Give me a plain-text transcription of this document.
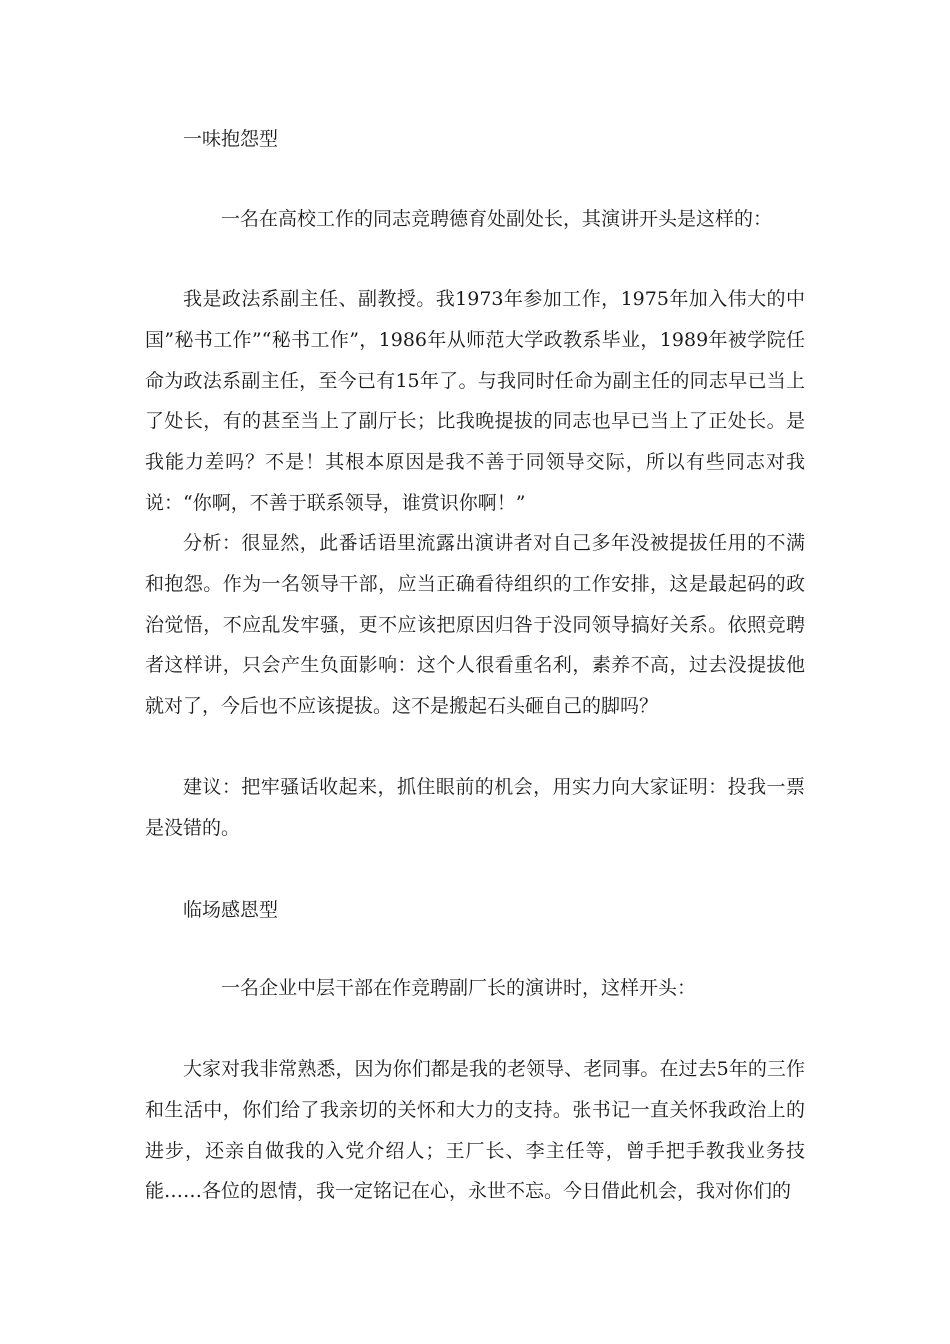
一味抱怨型

一名在高校工作的同志竞聘德育处副处长，其演讲开头是这样的：

我是政法系副主任、副教授。我1973年参加工作，1975年加入伟大的中国”秘书工作”“秘书工作”，1986年从师范大学政教系毕业，1989年被学院任命为政法系副主任，至今已有15年了。与我同时任命为副主任的同志早已当上了处长，有的甚至当上了副厅长；比我晚提拔的同志也早已当上了正处长。是我能力差吗？不是！其根本原因是我不善于同领导交际，所以有些同志对我说：“你啊，不善于联系领导，谁赏识你啊！”

分析：很显然，此番话语里流露出演讲者对自己多年没被提拔任用的不满和抱怨。作为一名领导干部，应当正确看待组织的工作安排，这是最起码的政治觉悟，不应乱发牢骚，更不应该把原因归咎于没同领导搞好关系。依照竞聘者这样讲，只会产生负面影响：这个人很看重名利，素养不高，过去没提拔他就对了，今后也不应该提拔。这不是搬起石头砸自己的脚吗？

建议：把牢骚话收起来，抓住眼前的机会，用实力向大家证明：投我一票是没错的。

临场感恩型

一名企业中层干部在作竞聘副厂长的演讲时，这样开头：

大家对我非常熟悉，因为你们都是我的老领导、老同事。在过去5年的三作和生活中，你们给了我亲切的关怀和大力的支持。张书记一直关怀我政治上的进步，还亲自做我的入党介绍人；王厂长、李主任等，曾手把手教我业务技能……各位的恩情，我一定铭记在心，永世不忘。今日借此机会，我对你们的
